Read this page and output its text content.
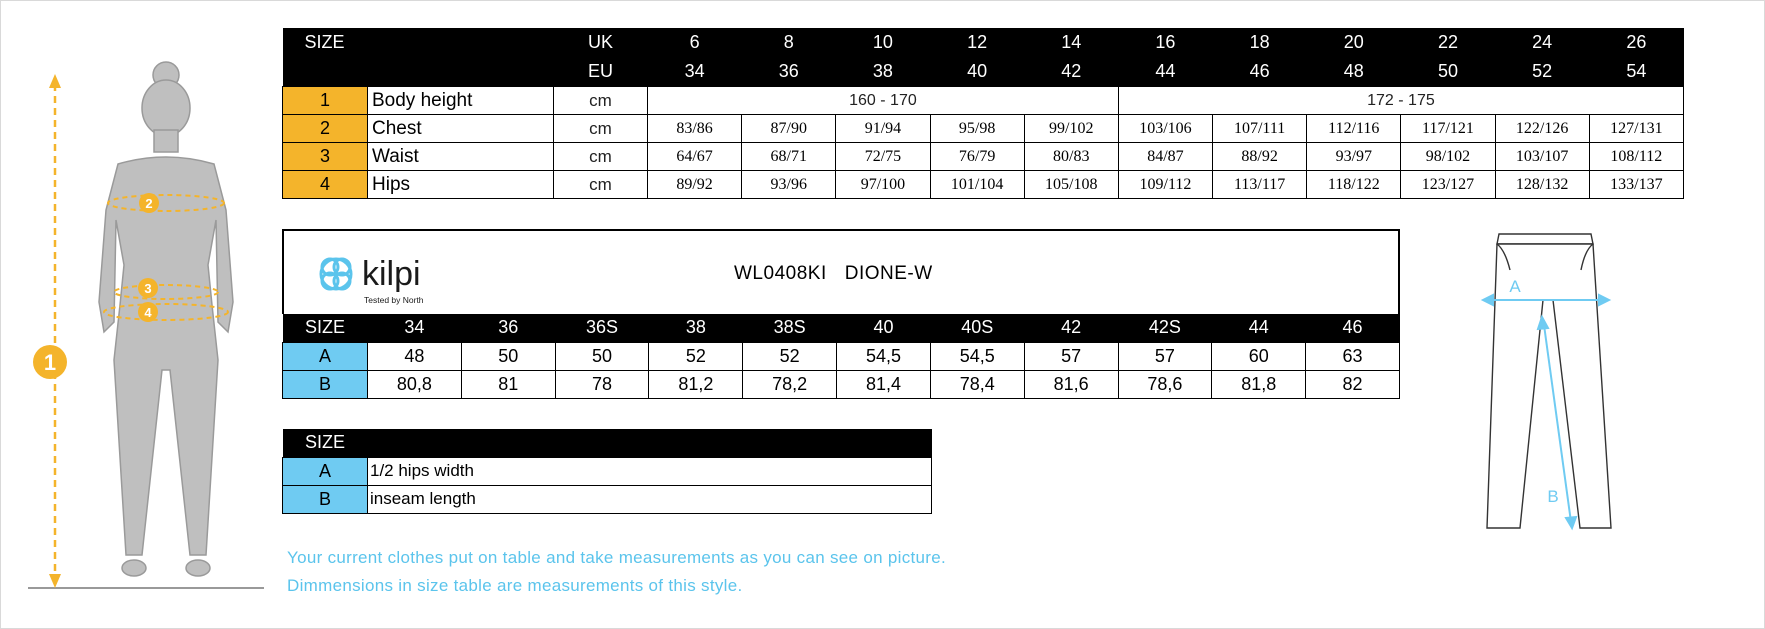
SIZE		UK	6	8	10	12	14	16	18	20	22	24	26
		EU	34	36	38	40	42	44	46	48	50	52	54
1	Body height	cm	160 - 170					172 - 175					
2	Chest	cm	83/86	87/90	91/94	95/98	99/102	103/106	107/111	112/116	117/121	122/126	127/131
3	Waist	cm	64/67	68/71	72/75	76/79	80/83	84/87	88/92	93/97	98/102	103/107	108/112
4	Hips	cm	89/92	93/96	97/100	101/104	105/108	109/112	113/117	118/122	123/127	128/132	133/137
kilpi
Tested by North
WL0408KI DIONE-W
SIZE	34	36	36S	38	38S	40	40S	42	42S	44	46
A	48	50	50	52	52	54,5	54,5	57	57	60	63
B	80,8	81	78	81,2	78,2	81,4	78,4	81,6	78,6	81,8	82
SIZE	
A	1/2 hips width
B	inseam length
Your current clothes put on table and take measurements as you can see on picture.
Dimmensions in size table are measurements of this style.
1
2
3
4
A
B
